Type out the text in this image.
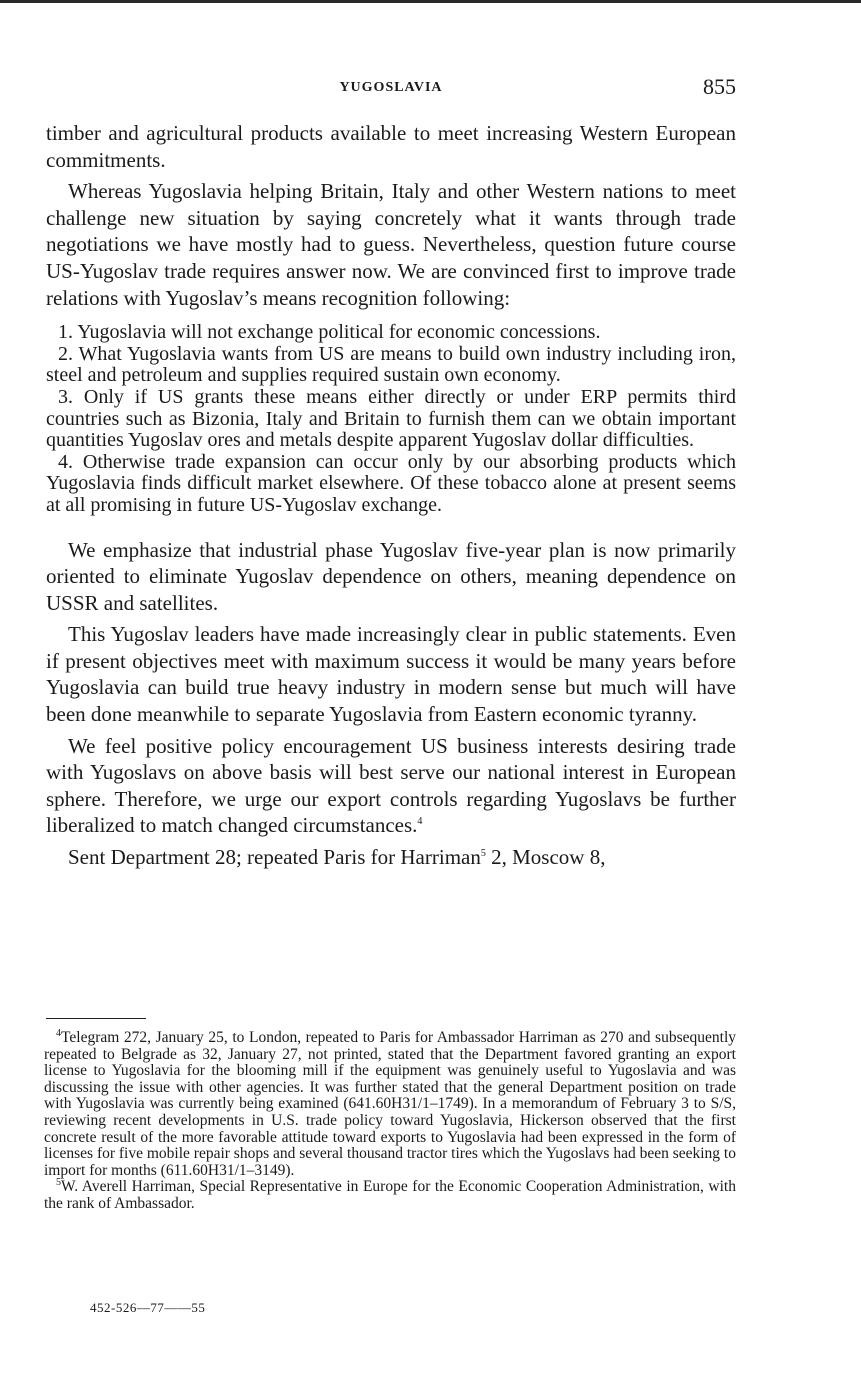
YUGOSLAVIA	855

timber and agricultural products available to meet increasing Western European commitments.

Whereas Yugoslavia helping Britain, Italy and other Western nations to meet challenge new situation by saying concretely what it wants through trade negotiations we have mostly had to guess. Nevertheless, question future course US-Yugoslav trade requires answer now. We are convinced first to improve trade relations with Yugoslav’s means recognition following:

1. Yugoslavia will not exchange political for economic concessions.
2. What Yugoslavia wants from US are means to build own industry including iron, steel and petroleum and supplies required sustain own economy.
3. Only if US grants these means either directly or under ERP permits third countries such as Bizonia, Italy and Britain to furnish them can we obtain important quantities Yugoslav ores and metals despite apparent Yugoslav dollar difficulties.
4. Otherwise trade expansion can occur only by our absorbing products which Yugoslavia finds difficult market elsewhere. Of these tobacco alone at present seems at all promising in future US-Yugoslav exchange.

We emphasize that industrial phase Yugoslav five-year plan is now primarily oriented to eliminate Yugoslav dependence on others, meaning dependence on USSR and satellites.

This Yugoslav leaders have made increasingly clear in public statements. Even if present objectives meet with maximum success it would be many years before Yugoslavia can build true heavy industry in modern sense but much will have been done meanwhile to separate Yugoslavia from Eastern economic tyranny.

We feel positive policy encouragement US business interests desiring trade with Yugoslavs on above basis will best serve our national interest in European sphere. Therefore, we urge our export controls regarding Yugoslavs be further liberalized to match changed circumstances.$^4$

Sent Department 28; repeated Paris for Harriman$^5$ 2, Moscow 8,

$^4$Telegram 272, January 25, to London, repeated to Paris for Ambassador Harriman as 270 and subsequently repeated to Belgrade as 32, January 27, not printed, stated that the Department favored granting an export license to Yugoslavia for the blooming mill if the equipment was genuinely useful to Yugoslavia and was discussing the issue with other agencies. It was further stated that the general Department position on trade with Yugoslavia was currently being examined (641.60H31/1–1749). In a memorandum of February 3 to S/S, reviewing recent developments in U.S. trade policy toward Yugoslavia, Hickerson observed that the first concrete result of the more favorable attitude toward exports to Yugoslavia had been expressed in the form of licenses for five mobile repair shops and several thousand tractor tires which the Yugoslavs had been seeking to import for months (611.60H31/1–3149).

$^5$W. Averell Harriman, Special Representative in Europe for the Economic Cooperation Administration, with the rank of Ambassador.

452-526—77——55
